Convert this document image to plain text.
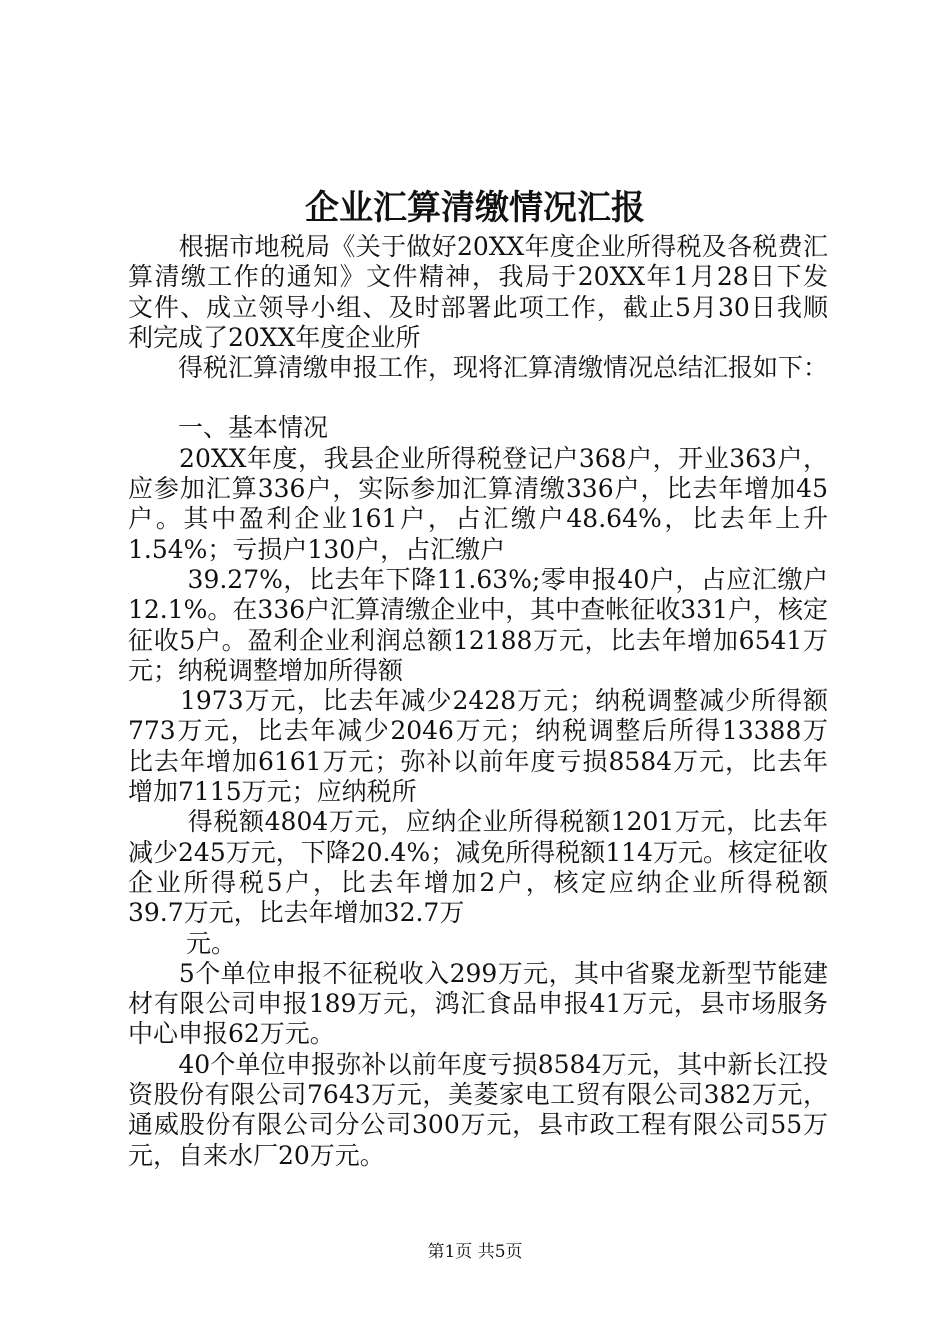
企业汇算清缴情况汇报
　　根据市地税局《关于做好20XX年度企业所得税及各税费汇
算清缴工作的通知》文件精神，我局于20XX年1月28日下发
文件、成立领导小组、及时部署此项工作，截止5月30日我顺
利完成了20XX年度企业所
　　得税汇算清缴申报工作，现将汇算清缴情况总结汇报如下：
　　一、基本情况
　　20XX年度，我县企业所得税登记户368户，开业363户，
应参加汇算336户，实际参加汇算清缴336户，比去年增加45
户。其中盈利企业161户，占汇缴户48.64%，比去年上升
1.54%；亏损户130户，占汇缴户
　　 39.27%，比去年下降11.63%;零申报40户，占应汇缴户
12.1%。在336户汇算清缴企业中，其中查帐征收331户，核定
征收5户。盈利企业利润总额12188万元，比去年增加6541万
元；纳税调整增加所得额
　　1973万元，比去年减少2428万元；纳税调整减少所得额
773万元，比去年减少2046万元；纳税调整后所得13388万
比去年增加6161万元；弥补以前年度亏损8584万元，比去年
增加7115万元；应纳税所
　　 得税额4804万元，应纳企业所得税额1201万元，比去年
减少245万元，下降20.4%；减免所得税额114万元。核定征收
企业所得税5户，比去年增加2户，核定应纳企业所得税额
39.7万元，比去年增加32.7万
　　 元。
　　5个单位申报不征税收入299万元，其中省聚龙新型节能建
材有限公司申报189万元，鸿汇食品申报41万元，县市场服务
中心申报62万元。
　　40个单位申报弥补以前年度亏损8584万元，其中新长江投
资股份有限公司7643万元，美菱家电工贸有限公司382万元，
通威股份有限公司分公司300万元，县市政工程有限公司55万
元，自来水厂20万元。
第1页 共5页
